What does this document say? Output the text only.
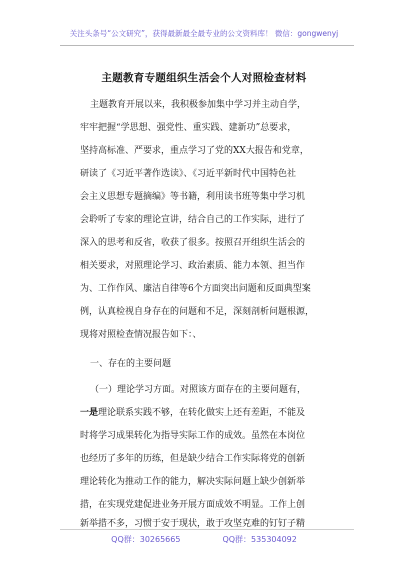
关注头条号“公文研究”，获得最新最全最专业的公文资料库！ 微信：gongwenyj
主题教育专题组织生活会个人对照检查材料
主题教育开展以来，我积极参加集中学习并主动自学，
牢牢把握“学思想、强党性、重实践、建新功”总要求，
坚持高标准、严要求，重点学习了党的XX大报告和党章，
研读了《习近平著作选读》、《习近平新时代中国特色社
会主义思想专题摘编》等书籍，利用读书班等集中学习机
会聆听了专家的理论宣讲，结合自己的工作实际，进行了
深入的思考和反省，收获了很多。按照召开组织生活会的
相关要求，对照理论学习、政治素质、能力本领、担当作
为、工作作风、廉洁自律等6个方面突出问题和反面典型案
例，认真检视自身存在的问题和不足，深刻剖析问题根源，
现将对照检查情况报告如下：、
一、存在的主要问题
（一）理论学习方面。对照该方面存在的主要问题有，
一是理论联系实践不够，在转化做实上还有差距，不能及
时将学习成果转化为指导实际工作的成效。虽然在本岗位
也经历了多年的历练，但是缺少结合工作实际将党的创新
理论转化为推动工作的能力，解决实际问题上缺少创新举
措，在实现党建促进业务开展方面成效不明显。工作上创
新举措不多，习惯于安于现状，敢于攻坚克难的钉钉子精
QQ群：30265665	QQ群：535304092
